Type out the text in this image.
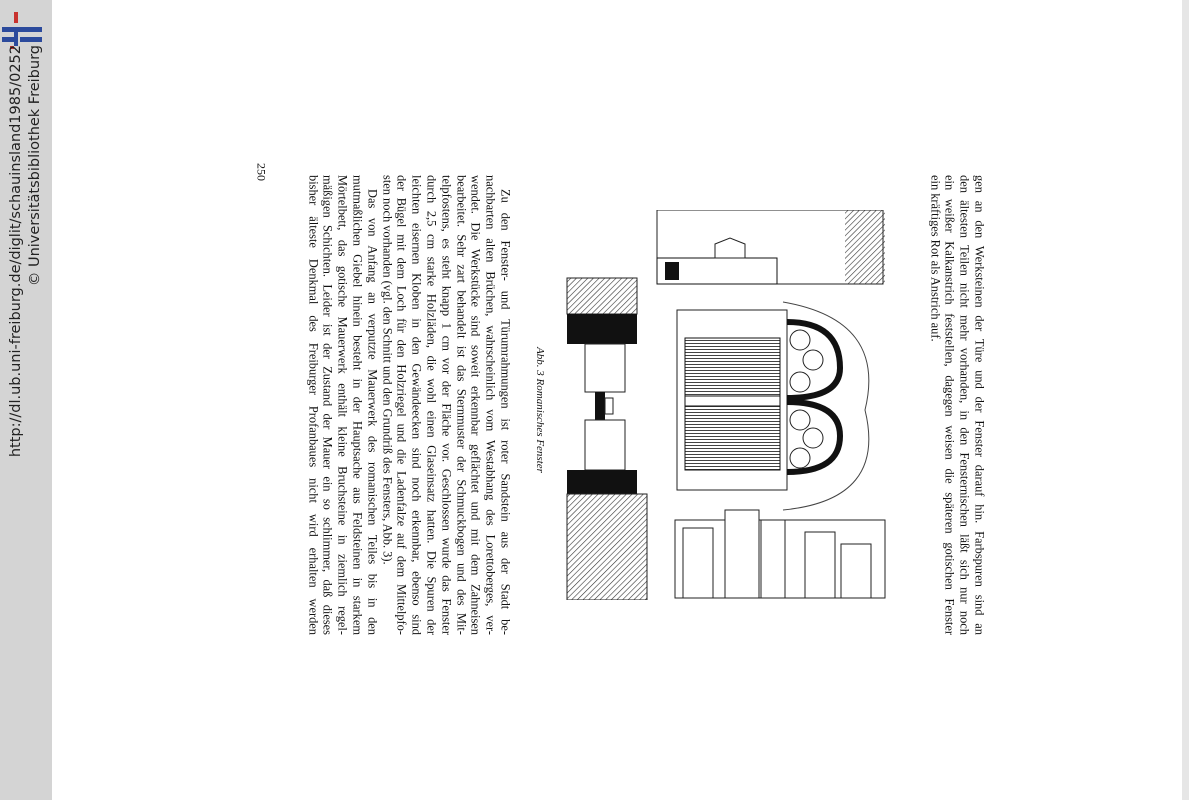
http://dl.ub.uni-freiburg.de/diglit/schauinsland1985/0252 © Universitätsbibliothek Freiburg
gen an den Werksteinen der Türe und der Fenster darauf hin. Farbspuren sind an
den ältesten Teilen nicht mehr vorhanden, in den Fensternischen läßt sich nur noch
ein weißer Kalkanstrich feststellen, dagegen weisen die späteren gotischen Fenster
ein kräftiges Rot als Anstrich auf.
Abb. 3 Romanisches Fenster
Zu den Fenster- und Türumrahmungen ist roter Sandstein aus der Stadt be-
nachbarten alten Brüchen, wahrscheinlich vom Westabhang des Lorettoberges, ver-
wendet. Die Werkstücke sind soweit erkennbar geflächtet und mit dem Zahneisen
bearbeitet. Sehr zart behandelt ist das Sternmuster der Schmuckbogen und des Mit-
telpfostens, es steht knapp 1 cm vor der Fläche vor. Geschlossen wurde das Fenster
durch 2,5 cm starke Holzläden, die wohl einen Glaseinsatz hatten. Die Spuren der
leichten eisernen Kloben in den Gewändeecken sind noch erkennbar, ebenso sind
der Bügel mit dem Loch für den Holzriegel und die Ladenfalze auf dem Mittelpfo-
sten noch vorhanden (vgl. den Schnitt und den Grundriß des Fensters, Abb. 3).
Das von Anfang an verputzte Mauerwerk des romanischen Teiles bis in den
mutmaßlichen Giebel hinein besteht in der Hauptsache aus Feldsteinen in starkem
Mörtelbett, das gotische Mauerwerk enthält kleine Bruchsteine in ziemlich regel-
mäßigen Schichten. Leider ist der Zustand der Mauer ein so schlimmer, daß dieses
bisher älteste Denkmal des Freiburger Profanbaues nicht wird erhalten werden
250
